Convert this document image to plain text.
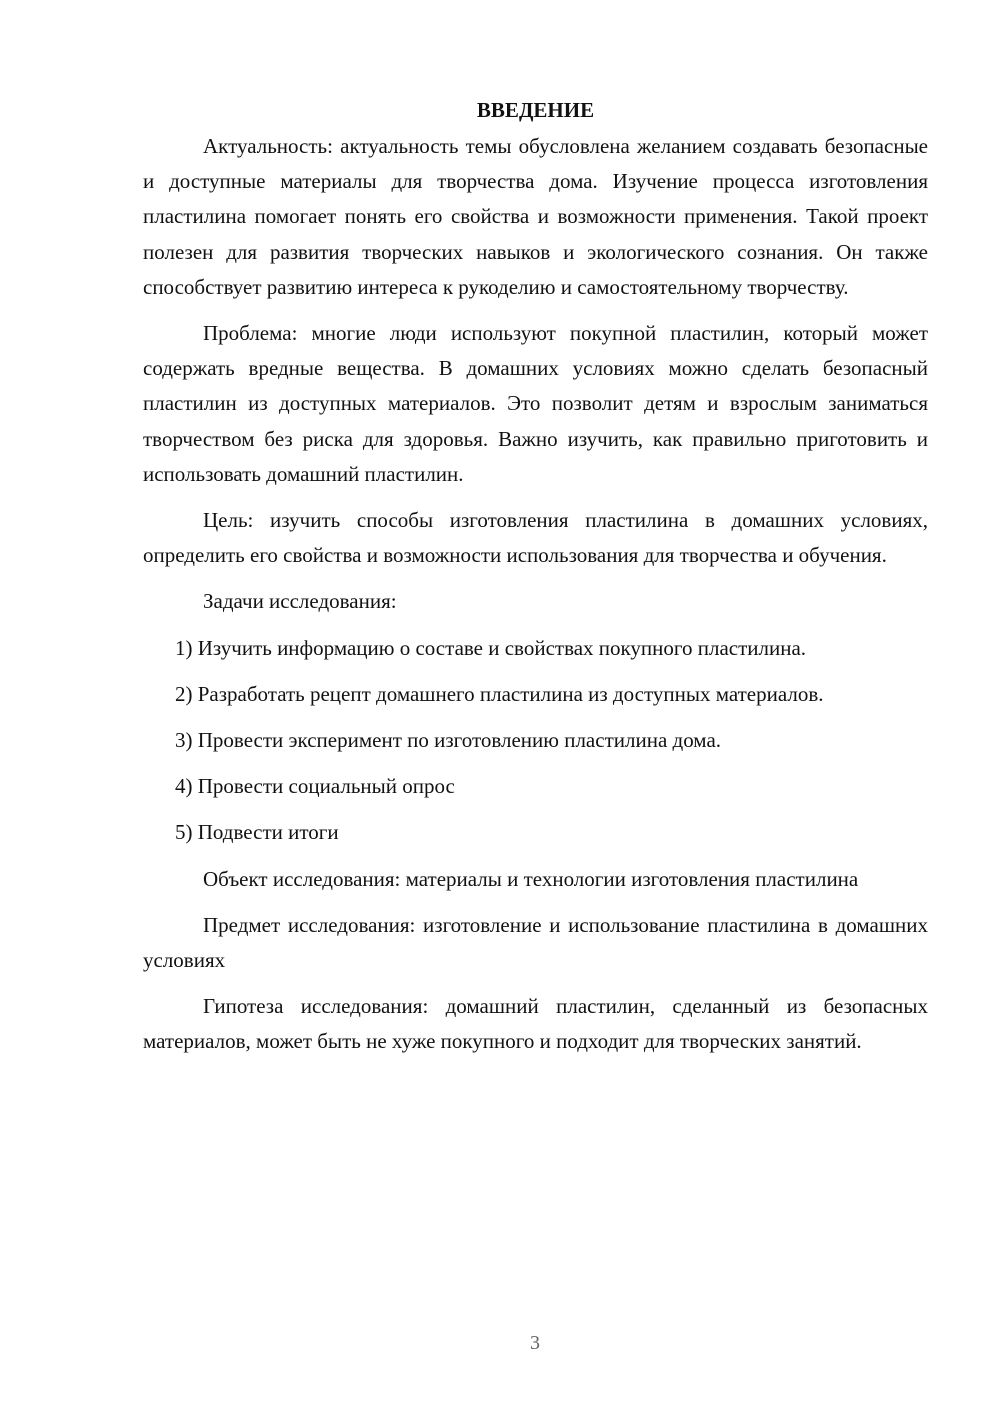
ВВЕДЕНИЕ

Актуальность: актуальность темы обусловлена желанием создавать безопасные и доступные материалы для творчества дома. Изучение процесса изготовления пластилина помогает понять его свойства и возможности применения. Такой проект полезен для развития творческих навыков и экологического сознания. Он также способствует развитию интереса к рукоделию и самостоятельному творчеству.

Проблема: многие люди используют покупной пластилин, который может содержать вредные вещества. В домашних условиях можно сделать безопасный пластилин из доступных материалов. Это позволит детям и взрослым заниматься творчеством без риска для здоровья. Важно изучить, как правильно приготовить и использовать домашний пластилин.

Цель: изучить способы изготовления пластилина в домашних условиях, определить его свойства и возможности использования для творчества и обучения.

Задачи исследования:

1) Изучить информацию о составе и свойствах покупного пластилина.

2) Разработать рецепт домашнего пластилина из доступных материалов.

3) Провести эксперимент по изготовлению пластилина дома.

4) Провести социальный опрос

5) Подвести итоги

Объект исследования: материалы и технологии изготовления пластилина

Предмет исследования: изготовление и использование пластилина в домашних условиях

Гипотеза исследования: домашний пластилин, сделанный из безопасных материалов, может быть не хуже покупного и подходит для творческих занятий.

3
